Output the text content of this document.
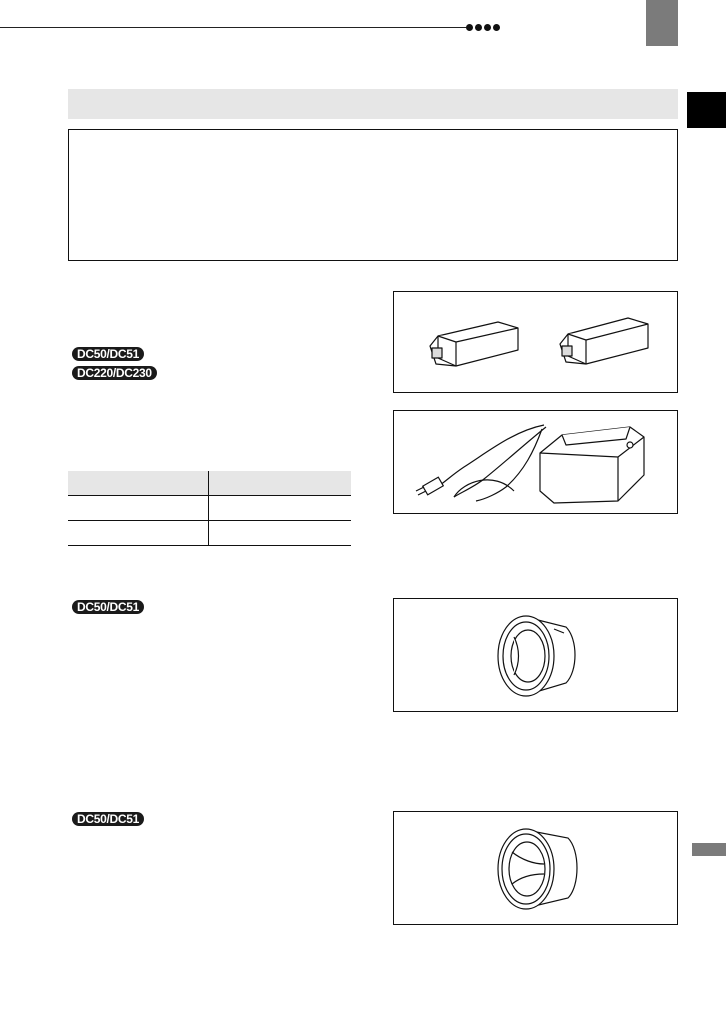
DC50/DC51
DC220/DC230
DC50/DC51
DC50/DC51
